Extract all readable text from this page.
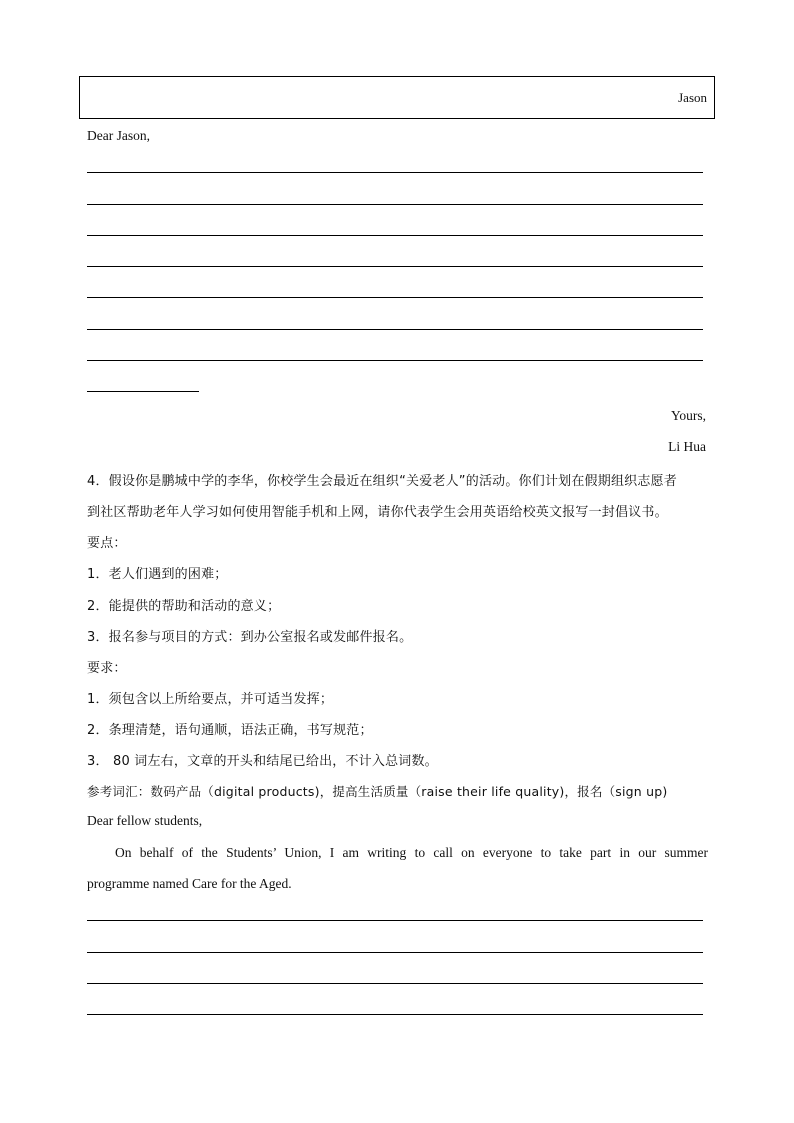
Jason
Dear Jason,
Yours,
Li Hua
4．假设你是鹏城中学的李华，你校学生会最近在组织“关爱老人”的活动。你们计划在假期组织志愿者
到社区帮助老年人学习如何使用智能手机和上网，请你代表学生会用英语给校英文报写一封倡议书。
要点：
1．老人们遇到的困难；
2．能提供的帮助和活动的意义；
3．报名参与项目的方式：到办公室报名或发邮件报名。
要求：
1．须包含以上所给要点，并可适当发挥；
2．条理清楚，语句通顺，语法正确，书写规范；
3． 80 词左右，文章的开头和结尾已给出，不计入总词数。
参考词汇：数码产品（digital products)，提高生活质量（raise their life quality)，报名（sign up)
Dear fellow students,
On behalf of the Students’ Union, I am writing to call on everyone to take part in our summer
programme named Care for the Aged.
